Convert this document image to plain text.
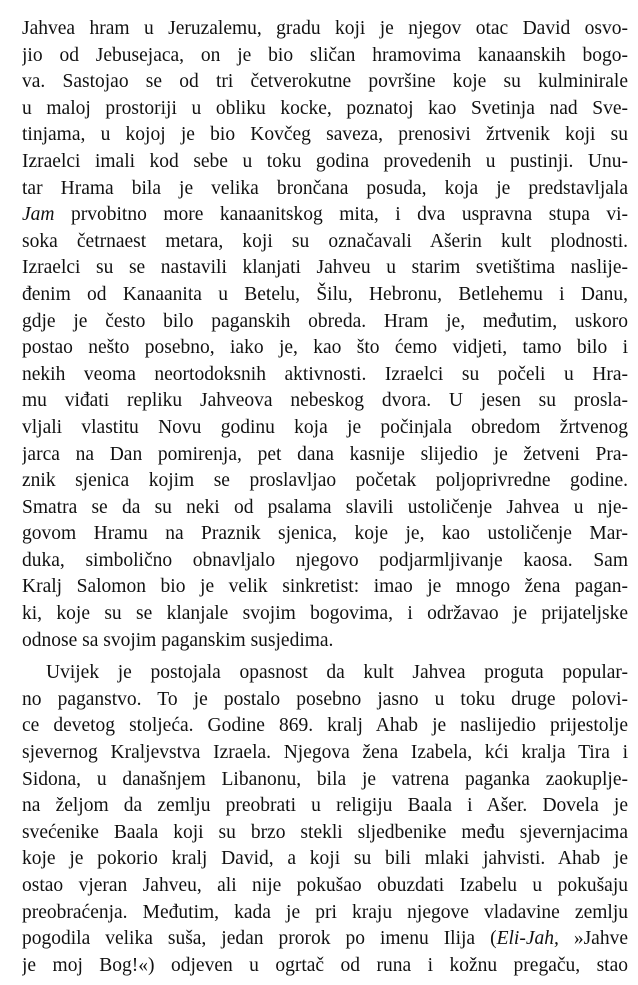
Jahvea hram u Jeruzalemu, gradu koji je njegov otac David osvo-
jio od Jebusejaca, on je bio sličan hramovima kanaanskih bogo-
va. Sastojao se od tri četverokutne površine koje su kulminirale
u maloj prostoriji u obliku kocke, poznatoj kao Svetinja nad Sve-
tinjama, u kojoj je bio Kovčeg saveza, prenosivi žrtvenik koji su
Izraelci imali kod sebe u toku godina provedenih u pustinji. Unu-
tar Hrama bila je velika brončana posuda, koja je predstavljala
Jam prvobitno more kanaanitskog mita, i dva uspravna stupa vi-
soka četrnaest metara, koji su označavali Ašerin kult plodnosti.
Izraelci su se nastavili klanjati Jahveu u starim svetištima naslije-
đenim od Kanaanita u Betelu, Šilu, Hebronu, Betlehemu i Danu,
gdje je često bilo paganskih obreda. Hram je, međutim, uskoro
postao nešto posebno, iako je, kao što ćemo vidjeti, tamo bilo i
nekih veoma neortodoksnih aktivnosti. Izraelci su počeli u Hra-
mu viđati repliku Jahveova nebeskog dvora. U jesen su prosla-
vljali vlastitu Novu godinu koja je počinjala obredom žrtvenog
jarca na Dan pomirenja, pet dana kasnije slijedio je žetveni Pra-
znik sjenica kojim se proslavljao početak poljoprivredne godine.
Smatra se da su neki od psalama slavili ustoličenje Jahvea u nje-
govom Hramu na Praznik sjenica, koje je, kao ustoličenje Mar-
duka, simbolično obnavljalo njegovo podjarmljivanje kaosa. Sam
Kralj Salomon bio je velik sinkretist: imao je mnogo žena pagan-
ki, koje su se klanjale svojim bogovima, i održavao je prijateljske
odnose sa svojim paganskim susjedima.
Uvijek je postojala opasnost da kult Jahvea proguta popular-
no paganstvo. To je postalo posebno jasno u toku druge polovi-
ce devetog stoljeća. Godine 869. kralj Ahab je naslijedio prijestolje
sjevernog Kraljevstva Izraela. Njegova žena Izabela, kći kralja Tira i
Sidona, u današnjem Libanonu, bila je vatrena paganka zaokuplje-
na željom da zemlju preobrati u religiju Baala i Ašer. Dovela je
svećenike Baala koji su brzo stekli sljedbenike među sjevernjacima
koje je pokorio kralj David, a koji su bili mlaki jahvisti. Ahab je
ostao vjeran Jahveu, ali nije pokušao obuzdati Izabelu u pokušaju
preobraćenja. Međutim, kada je pri kraju njegove vladavine zemlju
pogodila velika suša, jedan prorok po imenu Ilija (Eli-Jah, »Jahve
je moj Bog!«) odjeven u ogrtač od runa i kožnu pregaču, stao
